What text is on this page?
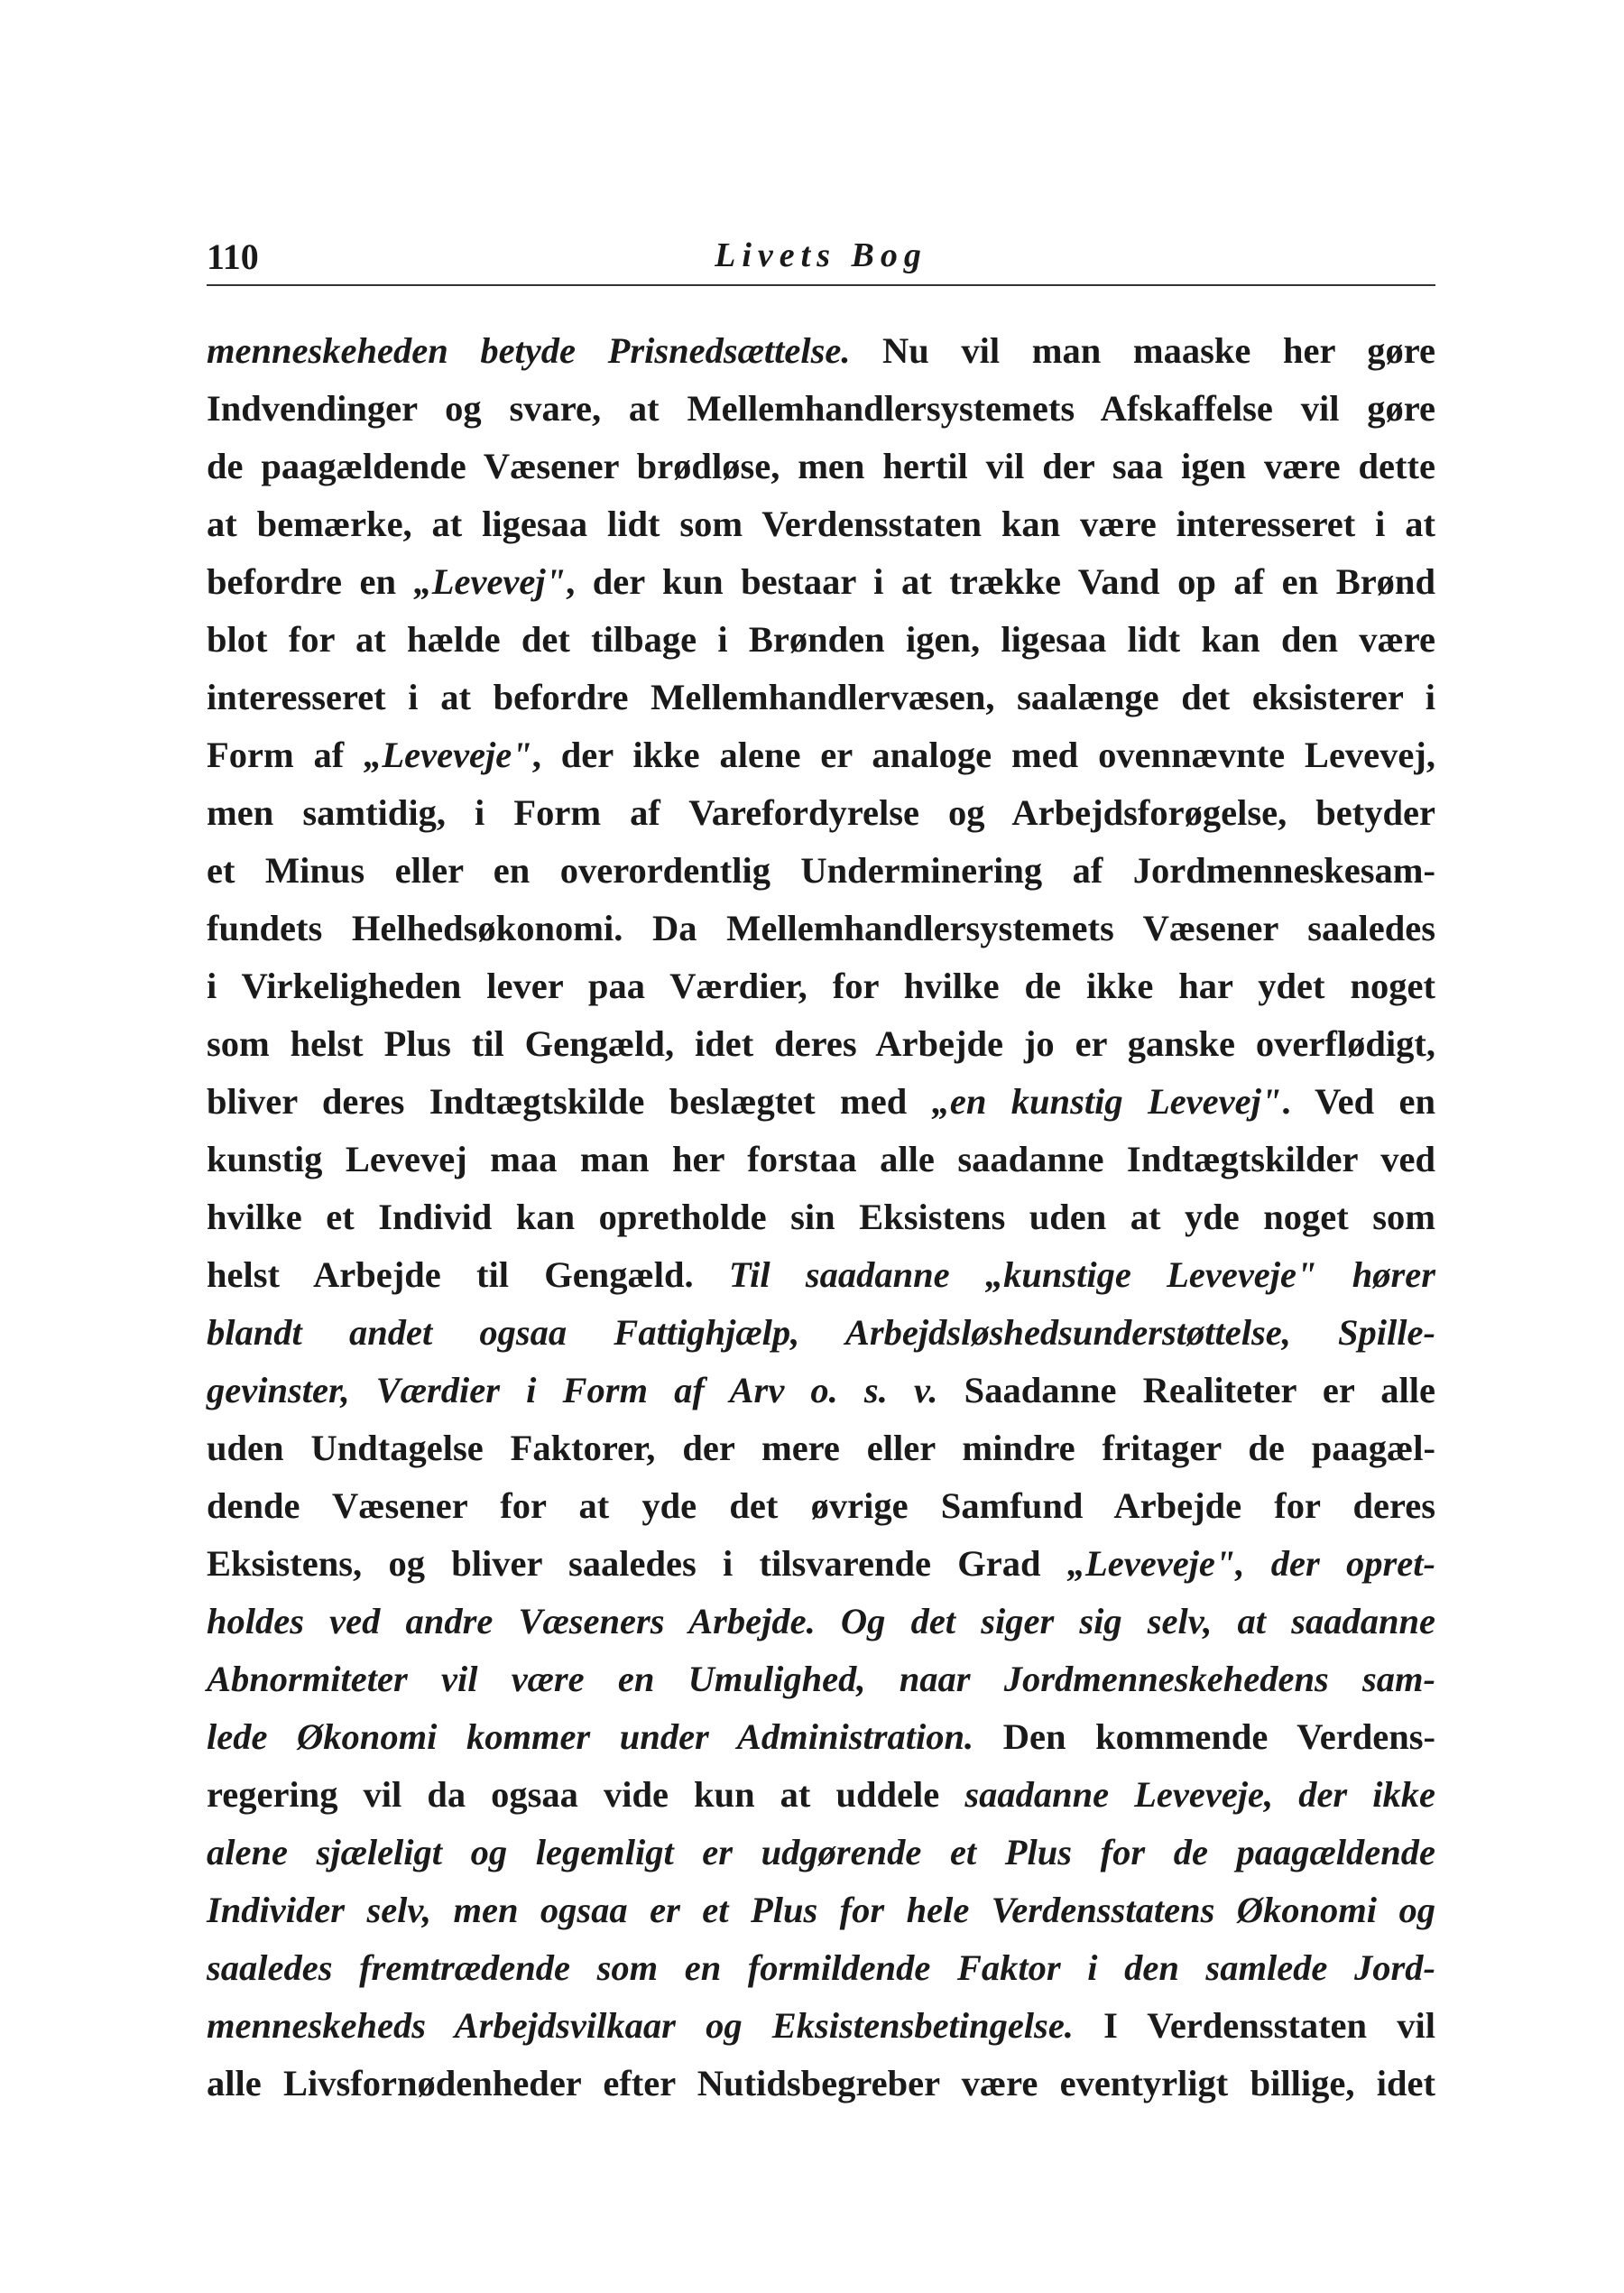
110	Livets Bog
menneskeheden betyde Prisnedsættelse. Nu vil man maaske her gøre
Indvendinger og svare, at Mellemhandlersystemets Afskaffelse vil gøre
de paagældende Væsener brødløse, men hertil vil der saa igen være dette
at bemærke, at ligesaa lidt som Verdensstaten kan være interesseret i at
befordre en „Levevej", der kun bestaar i at trække Vand op af en Brønd
blot for at hælde det tilbage i Brønden igen, ligesaa lidt kan den være
interesseret i at befordre Mellemhandlervæsen, saalænge det eksisterer i
Form af „Leveveje", der ikke alene er analoge med ovennævnte Levevej,
men samtidig, i Form af Varefordyrelse og Arbejdsforøgelse, betyder
et Minus eller en overordentlig Underminering af Jordmenneskesam-
fundets Helhedsøkonomi. Da Mellemhandlersystemets Væsener saaledes
i Virkeligheden lever paa Værdier, for hvilke de ikke har ydet noget
som helst Plus til Gengæld, idet deres Arbejde jo er ganske overflødigt,
bliver deres Indtægtskilde beslægtet med „en kunstig Levevej". Ved en
kunstig Levevej maa man her forstaa alle saadanne Indtægtskilder ved
hvilke et Individ kan opretholde sin Eksistens uden at yde noget som
helst Arbejde til Gengæld. Til saadanne „kunstige Leveveje" hører
blandt andet ogsaa Fattighjælp, Arbejdsløshedsunderstøttelse, Spille-
gevinster, Værdier i Form af Arv o. s. v. Saadanne Realiteter er alle
uden Undtagelse Faktorer, der mere eller mindre fritager de paagæl-
dende Væsener for at yde det øvrige Samfund Arbejde for deres
Eksistens, og bliver saaledes i tilsvarende Grad „Leveveje", der opret-
holdes ved andre Væseners Arbejde. Og det siger sig selv, at saadanne
Abnormiteter vil være en Umulighed, naar Jordmenneskehedens sam-
lede Økonomi kommer under Administration. Den kommende Verdens-
regering vil da ogsaa vide kun at uddele saadanne Leveveje, der ikke
alene sjæleligt og legemligt er udgørende et Plus for de paagældende
Individer selv, men ogsaa er et Plus for hele Verdensstatens Økonomi og
saaledes fremtrædende som en formildende Faktor i den samlede Jord-
menneskeheds Arbejdsvilkaar og Eksistensbetingelse. I Verdensstaten vil
alle Livsfornødenheder efter Nutidsbegreber være eventyrligt billige, idet
